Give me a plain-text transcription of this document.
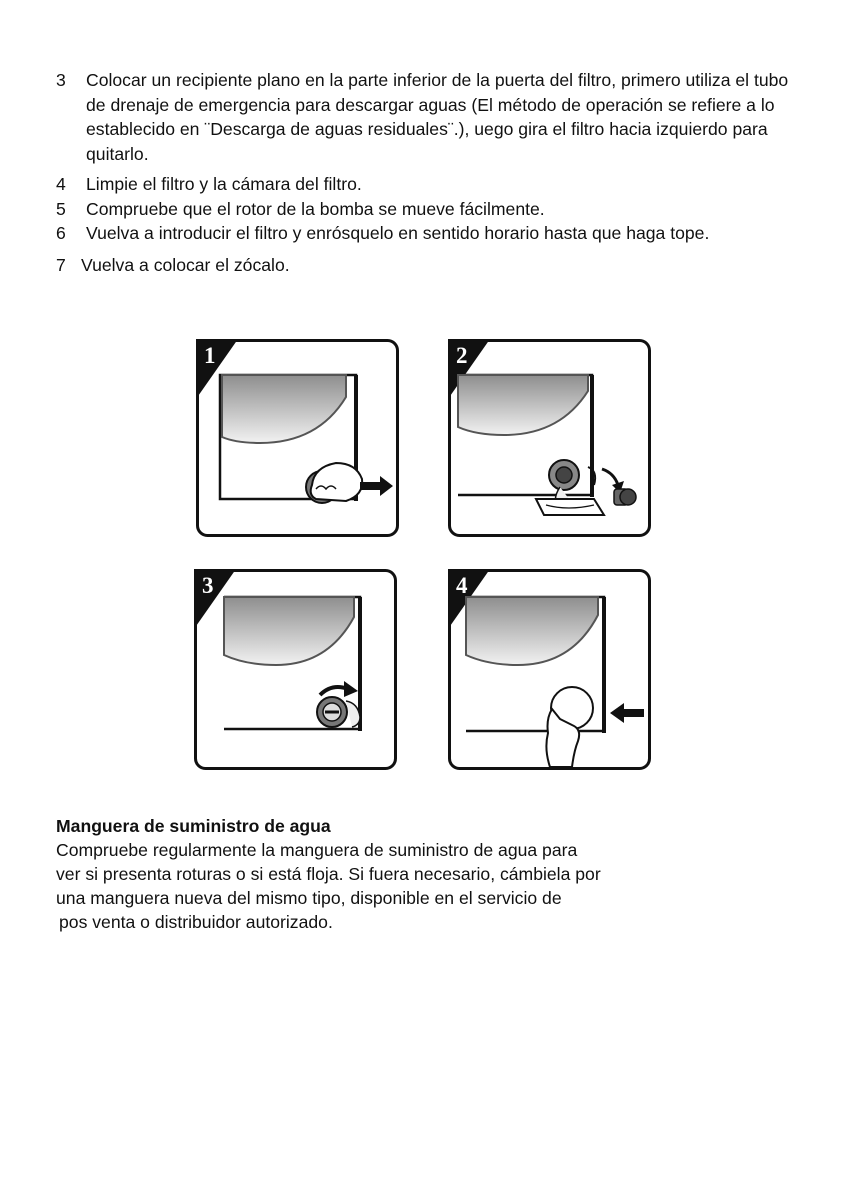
3	Colocar un recipiente plano en la parte inferior de la puerta del filtro, primero utiliza el tubo de drenaje de emergencia para descargar aguas (El método de operación se refiere a lo establecido en ¨Descarga de aguas residuales¨.), uego gira el filtro hacia izquierdo para quitarlo.

4	Limpie el filtro y la cámara del filtro.

5	Compruebe que el rotor de la bomba se mueve fácilmente.

6	Vuelva a introducir el filtro y enrósquelo en sentido horario hasta que haga tope.

7 Vuelva a colocar el zócalo.

1	2
3	4
Manguera de suministro de agua

Compruebe regularmente la manguera de suministro de agua para

ver si presenta roturas o si está floja. Si fuera necesario, cámbiela por

una manguera nueva del mismo tipo, disponible en el servicio de

pos venta o distribuidor autorizado.
